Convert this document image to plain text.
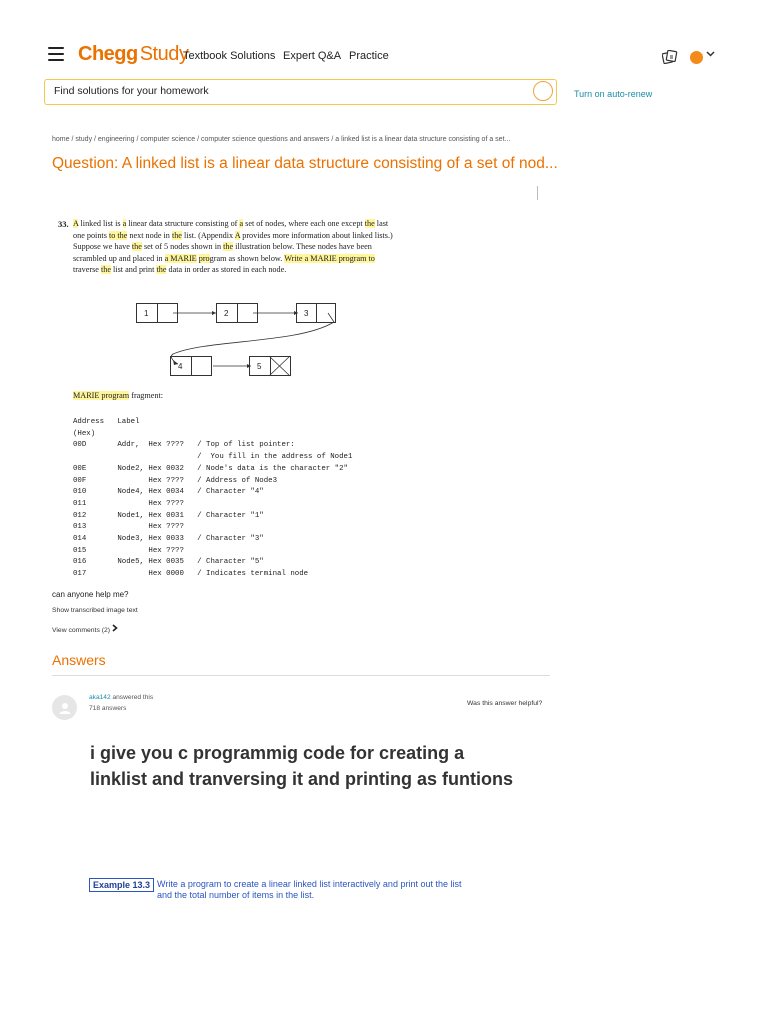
Chegg Study
Textbook Solutions Expert Q&A Practice
Find solutions for your homework
Turn on auto-renew
home / study / engineering / computer science / computer science questions and answers / a linked list is a linear data structure consisting of a set...
Question: A linked list is a linear data structure consisting of a set of nod...
33. A linked list is a linear data structure consisting of a set of nodes, where each one except the last one points to the next node in the list. (Appendix A provides more information about linked lists.)  Suppose we have the set of 5 nodes shown in the illustration below. These nodes have been scrambled up and placed in a MARIE program as shown below. Write a MARIE program to traverse the list and print the data in order as stored in each node.
1	2	3
4	5
MARIE program fragment:
Address   Label
(Hex)
00D       Addr,  Hex ????   / Top of list pointer:
/  You fill in the address of Node1
00E       Node2, Hex 0032   / Node's data is the character "2"
00F              Hex ????   / Address of Node3
010       Node4, Hex 0034   / Character "4"
011              Hex ????
012       Node1, Hex 0031   / Character "1"
013              Hex ????
014       Node3, Hex 0033   / Character "3"
015              Hex ????
016       Node5, Hex 0035   / Character "5"
017              Hex 0000   / Indicates terminal node
can anyone help me?
Show transcribed image text
View comments (2)
Answers
aka142 answered this
718 answers
Was this answer helpful?
i give you c programmig code for creating a linklist and tranversing it and printing as funtions
Example 13.3 Write a program to create a linear linked list interactively and print out the list and the total number of items in the list.
